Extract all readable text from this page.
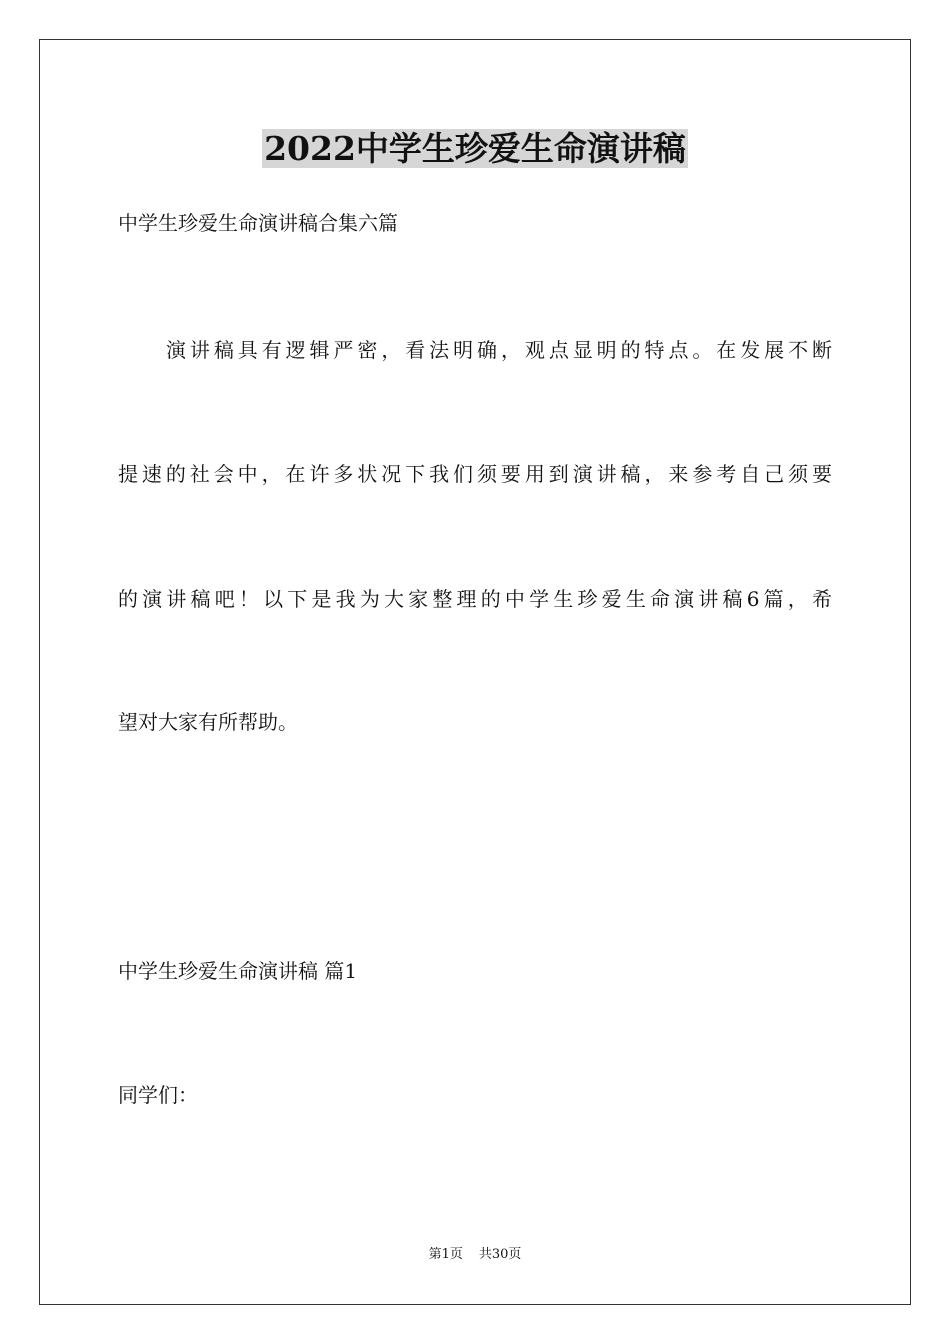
2022中学生珍爱生命演讲稿
中学生珍爱生命演讲稿合集六篇
演讲稿具有逻辑严密，看法明确，观点显明的特点。在发展不断
提速的社会中，在许多状况下我们须要用到演讲稿，来参考自己须要
的演讲稿吧！以下是我为大家整理的中学生珍爱生命演讲稿6篇，希
望对大家有所帮助。
中学生珍爱生命演讲稿 篇1
同学们：
第1页 共30页
